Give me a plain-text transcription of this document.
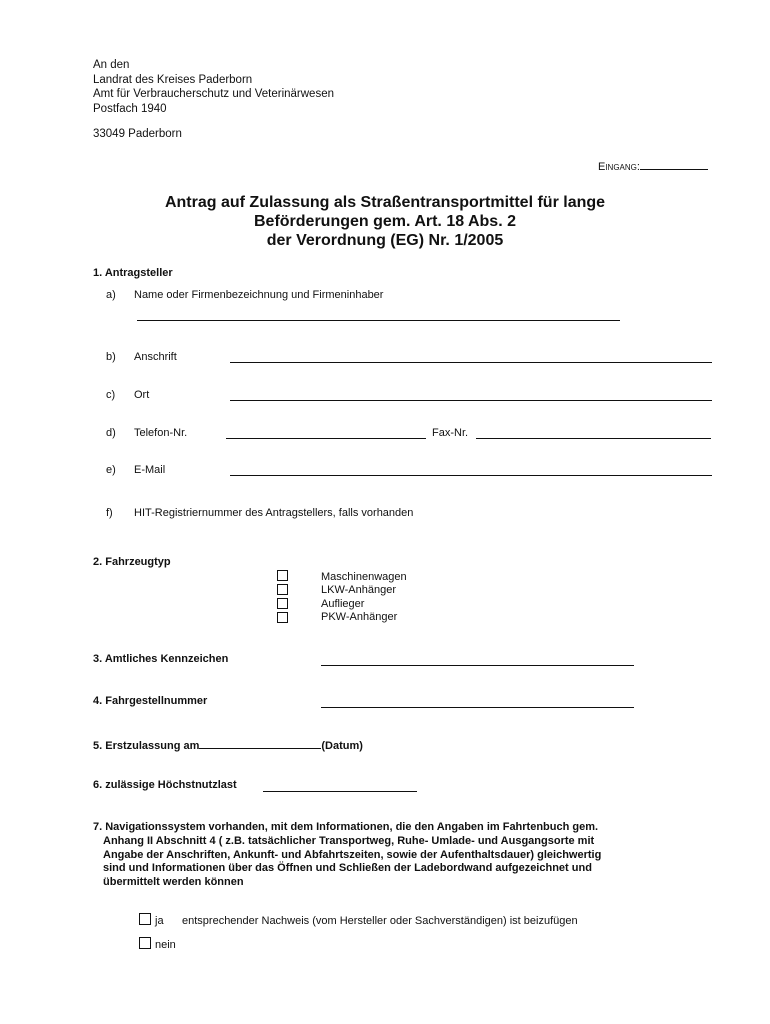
An den
Landrat des Kreises Paderborn
Amt für Verbraucherschutz und Veterinärwesen
Postfach 1940
33049 Paderborn
Eingang:
Antrag auf Zulassung als Straßentransportmittel für lange
Beförderungen gem. Art. 18 Abs. 2
der Verordnung (EG) Nr. 1/2005
1. Antragsteller
a) Name oder Firmenbezeichnung und Firmeninhaber
b) Anschrift
c) Ort
d) Telefon-Nr.	Fax-Nr.
e) E-Mail
f) HIT-Registriernummer des Antragstellers, falls vorhanden
2. Fahrzeugtyp
Maschinenwagen
LKW-Anhänger
Auflieger
PKW-Anhänger
3. Amtliches Kennzeichen
4. Fahrgestellnummer
5. Erstzulassung am	(Datum)
6. zulässige Höchstnutzlast
7. Navigationssystem vorhanden, mit dem Informationen, die den Angaben im Fahrtenbuch gem.
Anhang II Abschnitt 4 ( z.B. tatsächlicher Transportweg, Ruhe- Umlade- und Ausgangsorte mit
Angabe der Anschriften, Ankunft- und Abfahrtszeiten, sowie der Aufenthaltsdauer) gleichwertig
sind und Informationen über das Öffnen und Schließen der Ladebordwand aufgezeichnet und
übermittelt werden können
ja entsprechender Nachweis (vom Hersteller oder Sachverständigen) ist beizufügen
nein
